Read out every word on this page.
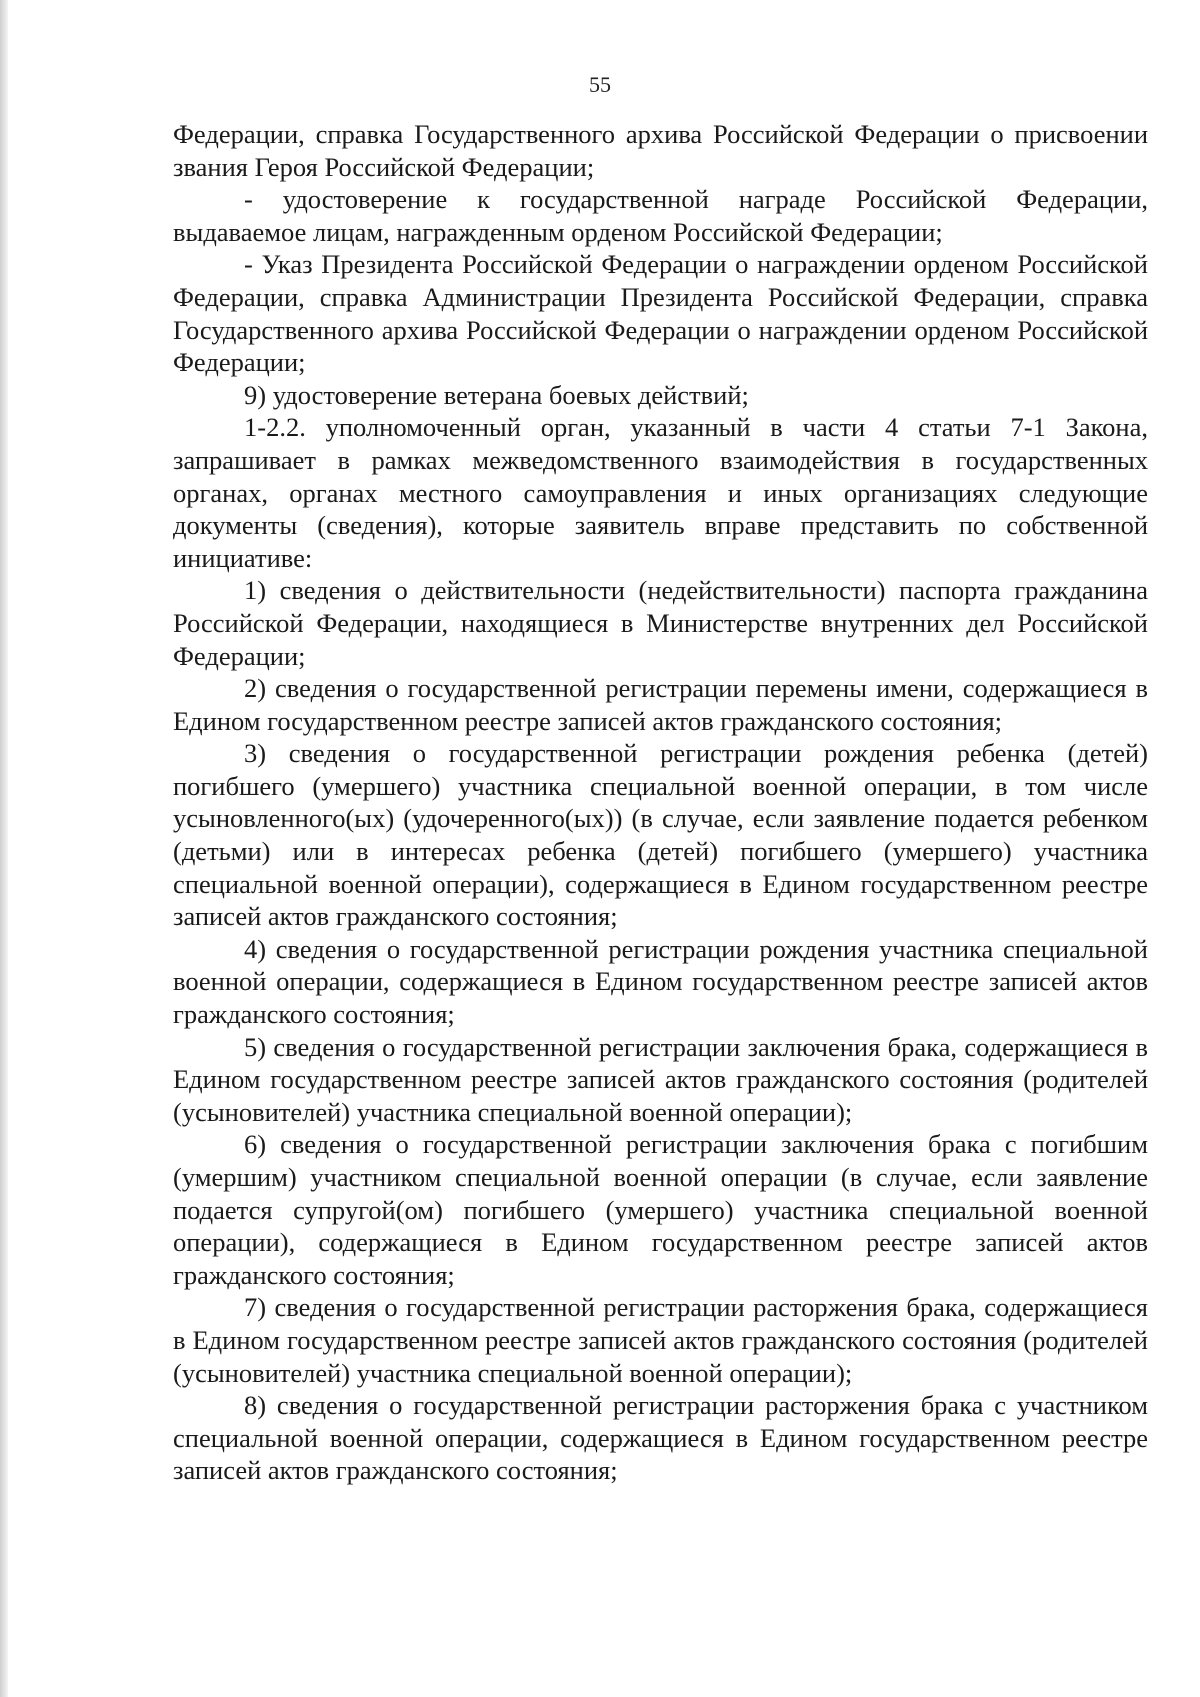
55

Федерации, справка Государственного архива Российской Федерации о присвоении звания Героя Российской Федерации;

- удостоверение к государственной награде Российской Федерации, выдаваемое лицам, награжденным орденом Российской Федерации;

- Указ Президента Российской Федерации о награждении орденом Российской Федерации, справка Администрации Президента Российской Федерации, справка Государственного архива Российской Федерации о награждении орденом Российской Федерации;

9) удостоверение ветерана боевых действий;

1-2.2. уполномоченный орган, указанный в части 4 статьи 7-1 Закона, запрашивает в рамках межведомственного взаимодействия в государственных органах, органах местного самоуправления и иных организациях следующие документы (сведения), которые заявитель вправе представить по собственной инициативе:

1) сведения о действительности (недействительности) паспорта гражданина Российской Федерации, находящиеся в Министерстве внутренних дел Российской Федерации;

2) сведения о государственной регистрации перемены имени, содержащиеся в Едином государственном реестре записей актов гражданского состояния;

3) сведения о государственной регистрации рождения ребенка (детей) погибшего (умершего) участника специальной военной операции, в том числе усыновленного(ых) (удочеренного(ых)) (в случае, если заявление подается ребенком (детьми) или в интересах ребенка (детей) погибшего (умершего) участника специальной военной операции), содержащиеся в Едином государственном реестре записей актов гражданского состояния;

4) сведения о государственной регистрации рождения участника специальной военной операции, содержащиеся в Едином государственном реестре записей актов гражданского состояния;

5) сведения о государственной регистрации заключения брака, содержащиеся в Едином государственном реестре записей актов гражданского состояния (родителей (усыновителей) участника специальной военной операции);

6) сведения о государственной регистрации заключения брака с погибшим (умершим) участником специальной военной операции (в случае, если заявление подается супругой(ом) погибшего (умершего) участника специальной военной операции), содержащиеся в Едином государственном реестре записей актов гражданского состояния;

7) сведения о государственной регистрации расторжения брака, содержащиеся в Едином государственном реестре записей актов гражданского состояния (родителей (усыновителей) участника специальной военной операции);

8) сведения о государственной регистрации расторжения брака с участником специальной военной операции, содержащиеся в Едином государственном реестре записей актов гражданского состояния;
